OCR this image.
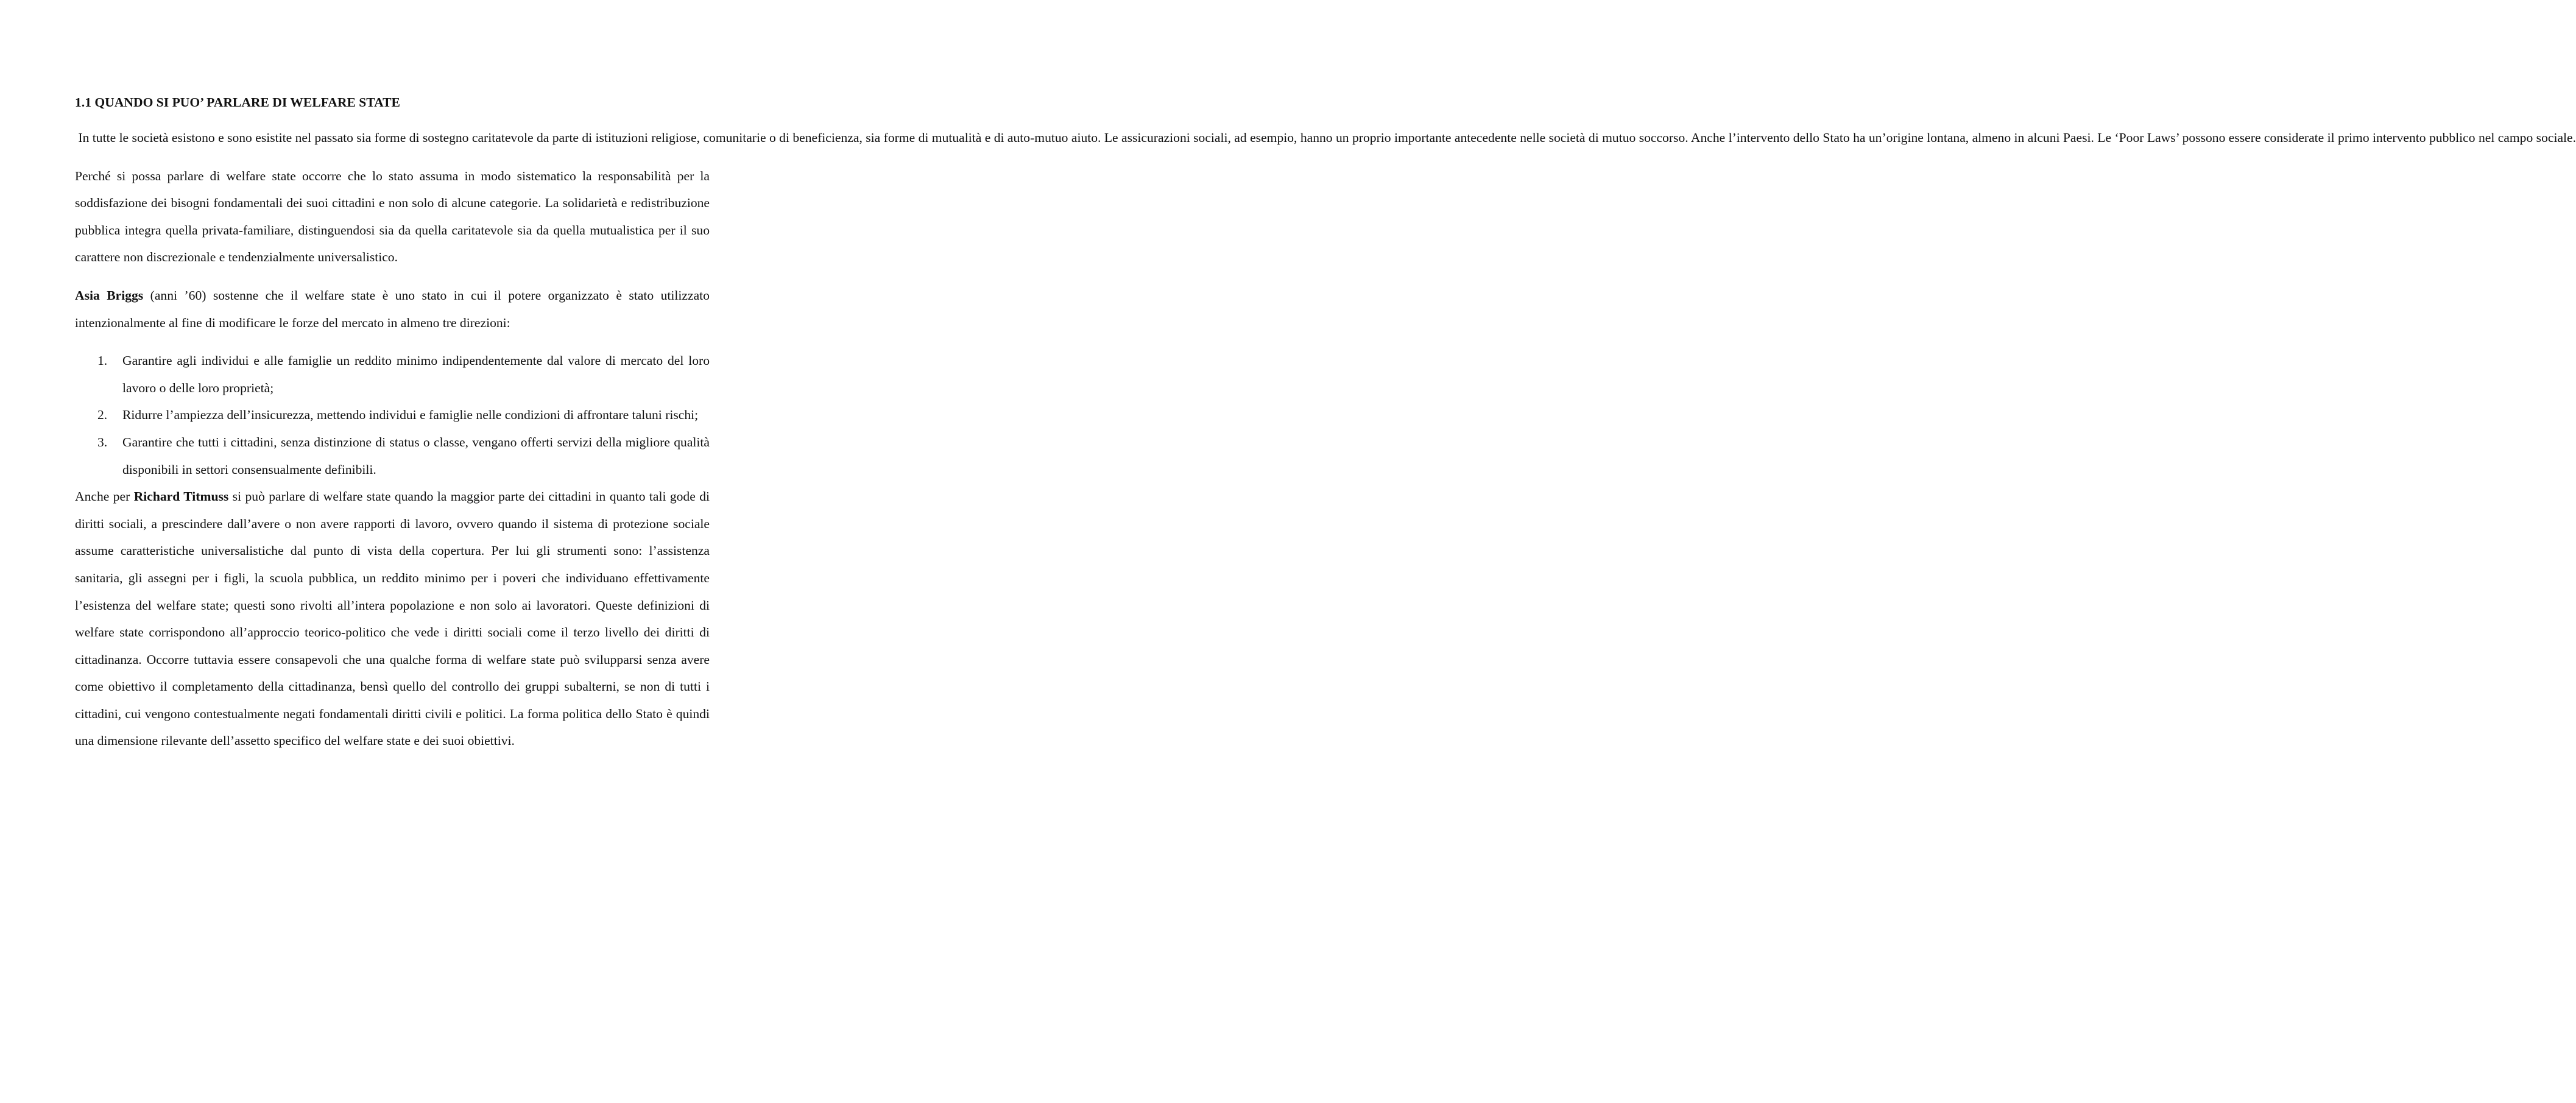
1.1 QUANDO SI PUO’ PARLARE DI WELFARE STATE

In tutte le società esistono e sono esistite nel passato sia forme di sostegno caritatevole da parte di istituzioni religiose, comunitarie o di beneficienza, sia forme di mutualità e di auto-mutuo aiuto. Le assicurazioni sociali, ad esempio, hanno un proprio importante antecedente nelle società di mutuo soccorso. Anche l’intervento dello Stato ha un’origine lontana, almeno in alcuni Paesi. Le ‘Poor Laws’ possono essere considerate il primo intervento pubblico nel campo sociale.

Perché si possa parlare di welfare state occorre che lo stato assuma in modo sistematico la responsabilità per la soddisfazione dei bisogni fondamentali dei suoi cittadini e non solo di alcune categorie. La solidarietà e redistribuzione pubblica integra quella privata-familiare, distinguendosi sia da quella caritatevole sia da quella mutualistica per il suo carattere non discrezionale e tendenzialmente universalistico.

Asia Briggs (anni ’60) sostenne che il welfare state è uno stato in cui il potere organizzato è stato utilizzato intenzionalmente al fine di modificare le forze del mercato in almeno tre direzioni:

1. Garantire agli individui e alle famiglie un reddito minimo indipendentemente dal valore di mercato del loro lavoro o delle loro proprietà;
2. Ridurre l’ampiezza dell’insicurezza, mettendo individui e famiglie nelle condizioni di affrontare taluni rischi;
3. Garantire che tutti i cittadini, senza distinzione di status o classe, vengano offerti servizi della migliore qualità disponibili in settori consensualmente definibili.

Anche per Richard Titmuss si può parlare di welfare state quando la maggior parte dei cittadini in quanto tali gode di diritti sociali, a prescindere dall’avere o non avere rapporti di lavoro, ovvero quando il sistema di protezione sociale assume caratteristiche universalistiche dal punto di vista della copertura. Per lui gli strumenti sono: l’assistenza sanitaria, gli assegni per i figli, la scuola pubblica, un reddito minimo per i poveri che individuano effettivamente l’esistenza del welfare state; questi sono rivolti all’intera popolazione e non solo ai lavoratori. Queste definizioni di welfare state corrispondono all’approccio teorico-politico che vede i diritti sociali come il terzo livello dei diritti di cittadinanza. Occorre tuttavia essere consapevoli che una qualche forma di welfare state può svilupparsi senza avere come obiettivo il completamento della cittadinanza, bensì quello del controllo dei gruppi subalterni, se non di tutti i cittadini, cui vengono contestualmente negati fondamentali diritti civili e politici. La forma politica dello Stato è quindi una dimensione rilevante dell’assetto specifico del welfare state e dei suoi obiettivi.
